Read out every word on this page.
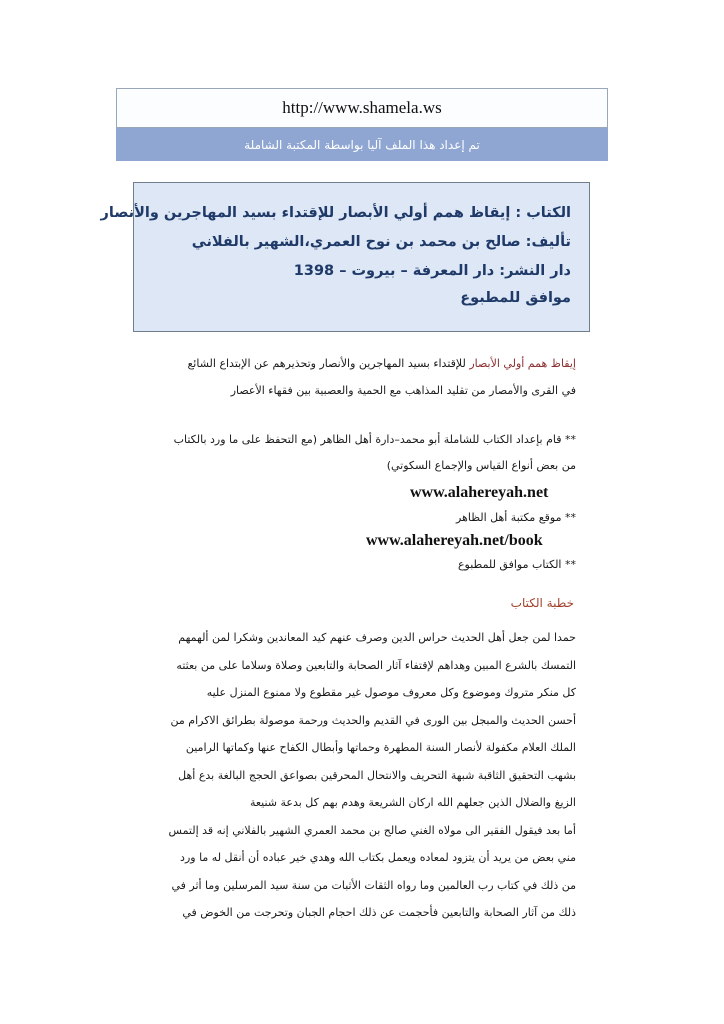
http://www.shamela.ws
تم إعداد هذا الملف آليا بواسطة المكتبة الشاملة
الكتاب : إيقاظ همم أولي الأبصار للإقتداء بسيد المهاجرين والأنصار
تأليف: صالح بن محمد بن نوح العمري،الشهير بالفلاني
دار النشر: دار المعرفة – بيروت – 1398
موافق للمطبوع

إيقاظ همم أولي الأبصار للإقتداء بسيد المهاجرين والأنصار وتحذيرهم عن الإبتداع الشائع

في القرى والأمصار من تقليد المذاهب مع الحمية والعصبية بين فقهاء الأعصار

** قام بإعداد الكتاب للشاملة أبو محمد–دارة أهل الظاهر (مع التحفظ على ما ورد بالكتاب

من بعض أنواع القياس والإجماع السكوتي)

www.alahereyah.net

** موقع مكتبة أهل الظاهر

www.alahereyah.net/book

** الكتاب موافق للمطبوع

خطبة الكتاب

حمدا لمن جعل أهل الحديث حراس الدين وصرف عنهم كيد المعاندين وشكرا لمن ألهمهم

التمسك بالشرع المبين وهداهم لإقتفاء آثار الصحابة والتابعين وصلاة وسلاما على من بعثته

كل منكر متروك وموضوع وكل معروف موصول غير مقطوع ولا ممنوع المنزل عليه

أحسن الحديث والمبجل بين الورى في القديم والحديث ورحمة موصولة بطرائق الاكرام من

الملك العلام مكفولة لأنصار السنة المطهرة وحماتها وأبطال الكفاح عنها وكماتها الرامين

بشهب التحقيق الثاقبة شبهة التحريف والانتحال المحرقين بصواعق الحجج البالغة بدع أهل

الزيغ والضلال الذين جعلهم الله اركان الشريعة وهدم بهم كل بدعة شنيعة

أما بعد فيقول الفقير الى مولاه الغني صالح بن محمد العمري الشهير بالفلاني إنه قد إلتمس

مني بعض من يريد أن يتزود لمعاده ويعمل بكتاب الله وهدي خير عباده أن أنقل له ما ورد

من ذلك في كتاب رب العالمين وما رواه الثقات الأثبات من سنة سيد المرسلين وما أثر في

ذلك من آثار الصحابة والتابعين فأحجمت عن ذلك احجام الجبان وتحرجت من الخوض في
